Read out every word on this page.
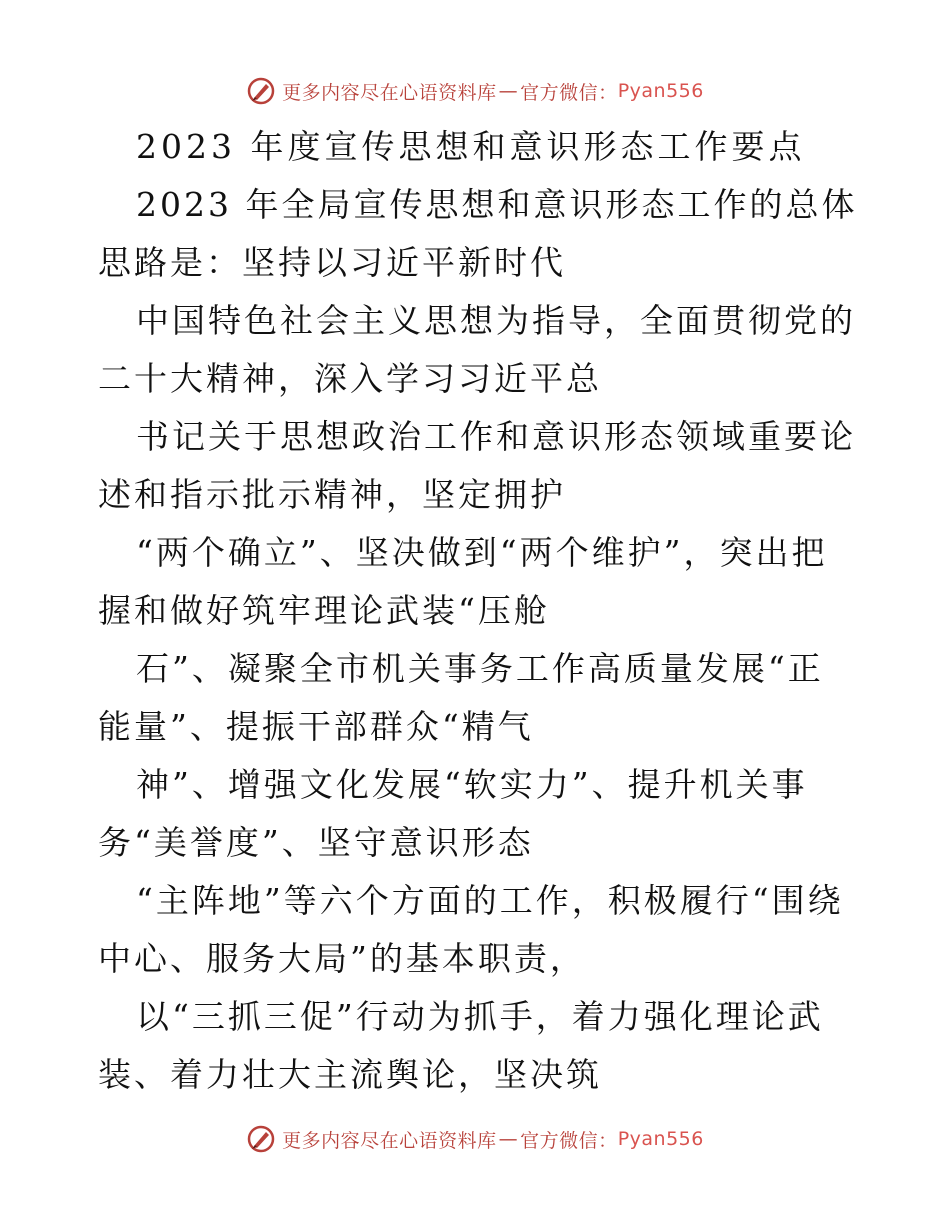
更多内容尽在心语资料库 — 官方微信： Pyan556

2023 年度宣传思想和意识形态工作要点

2023 年全局宣传思想和意识形态工作的总体思路是：坚持以习近平新时代

中国特色社会主义思想为指导，全面贯彻党的二十大精神，深入学习习近平总

书记关于思想政治工作和意识形态领域重要论述和指示批示精神，坚定拥护

“两个确立”、坚决做到“两个维护”，突出把握和做好筑牢理论武装“压舱

石”、凝聚全市机关事务工作高质量发展“正能量”、提振干部群众“精气

神”、增强文化发展“软实力”、提升机关事务“美誉度”、坚守意识形态

“主阵地”等六个方面的工作，积极履行“围绕中心、服务大局”的基本职责，

以“三抓三促”行动为抓手，着力强化理论武装、着力壮大主流舆论，坚决筑

更多内容尽在心语资料库 — 官方微信： Pyan556
